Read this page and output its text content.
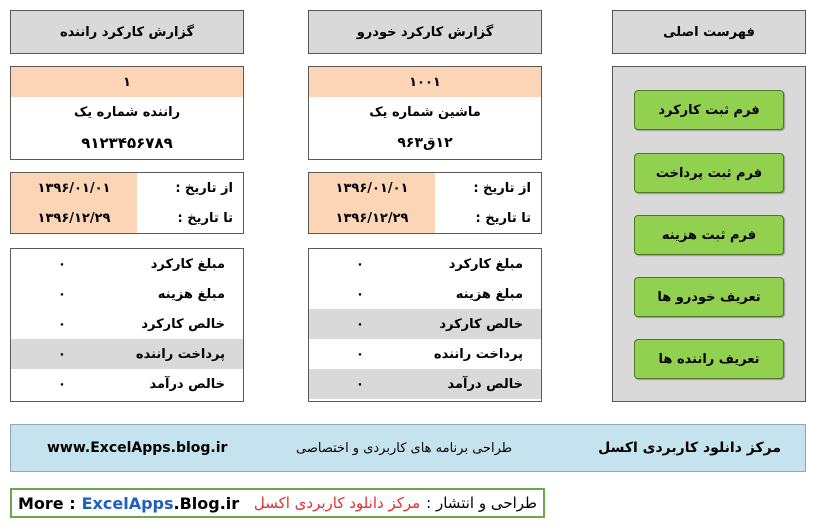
گزارش کارکرد راننده	گزارش کارکرد خودرو	فهرست اصلی
۱
راننده شماره یک
۹۱۲۳۴۵۶۷۸۹
۱۰۰۱
ماشین شماره یک
۱۲ق۹۶۳
از تاریخ :
۱۳۹۶/۰۱/۰۱
تا تاریخ :
۱۳۹۶/۱۲/۲۹
از تاریخ :
۱۳۹۶/۰۱/۰۱
تا تاریخ :
۱۳۹۶/۱۲/۲۹
مبلغ کارکرد
۰
مبلغ هزینه
۰
خالص کارکرد
۰
پرداخت راننده
۰
خالص درآمد
۰
مبلغ کارکرد
۰
مبلغ هزینه
۰
خالص کارکرد
۰
پرداخت راننده
۰
خالص درآمد
۰
فرم ثبت کارکرد
فرم ثبت پرداخت
فرم ثبت هزینه
تعریف خودرو ها
تعریف راننده ها
مرکز دانلود کاربردی اکسل
طراحی برنامه های کاربردی و اختصاصی
www.ExcelApps.blog.ir
More : ExcelApps.Blog.ir	طراحی و انتشار :
مرکز دانلود کاربردی اکسل
